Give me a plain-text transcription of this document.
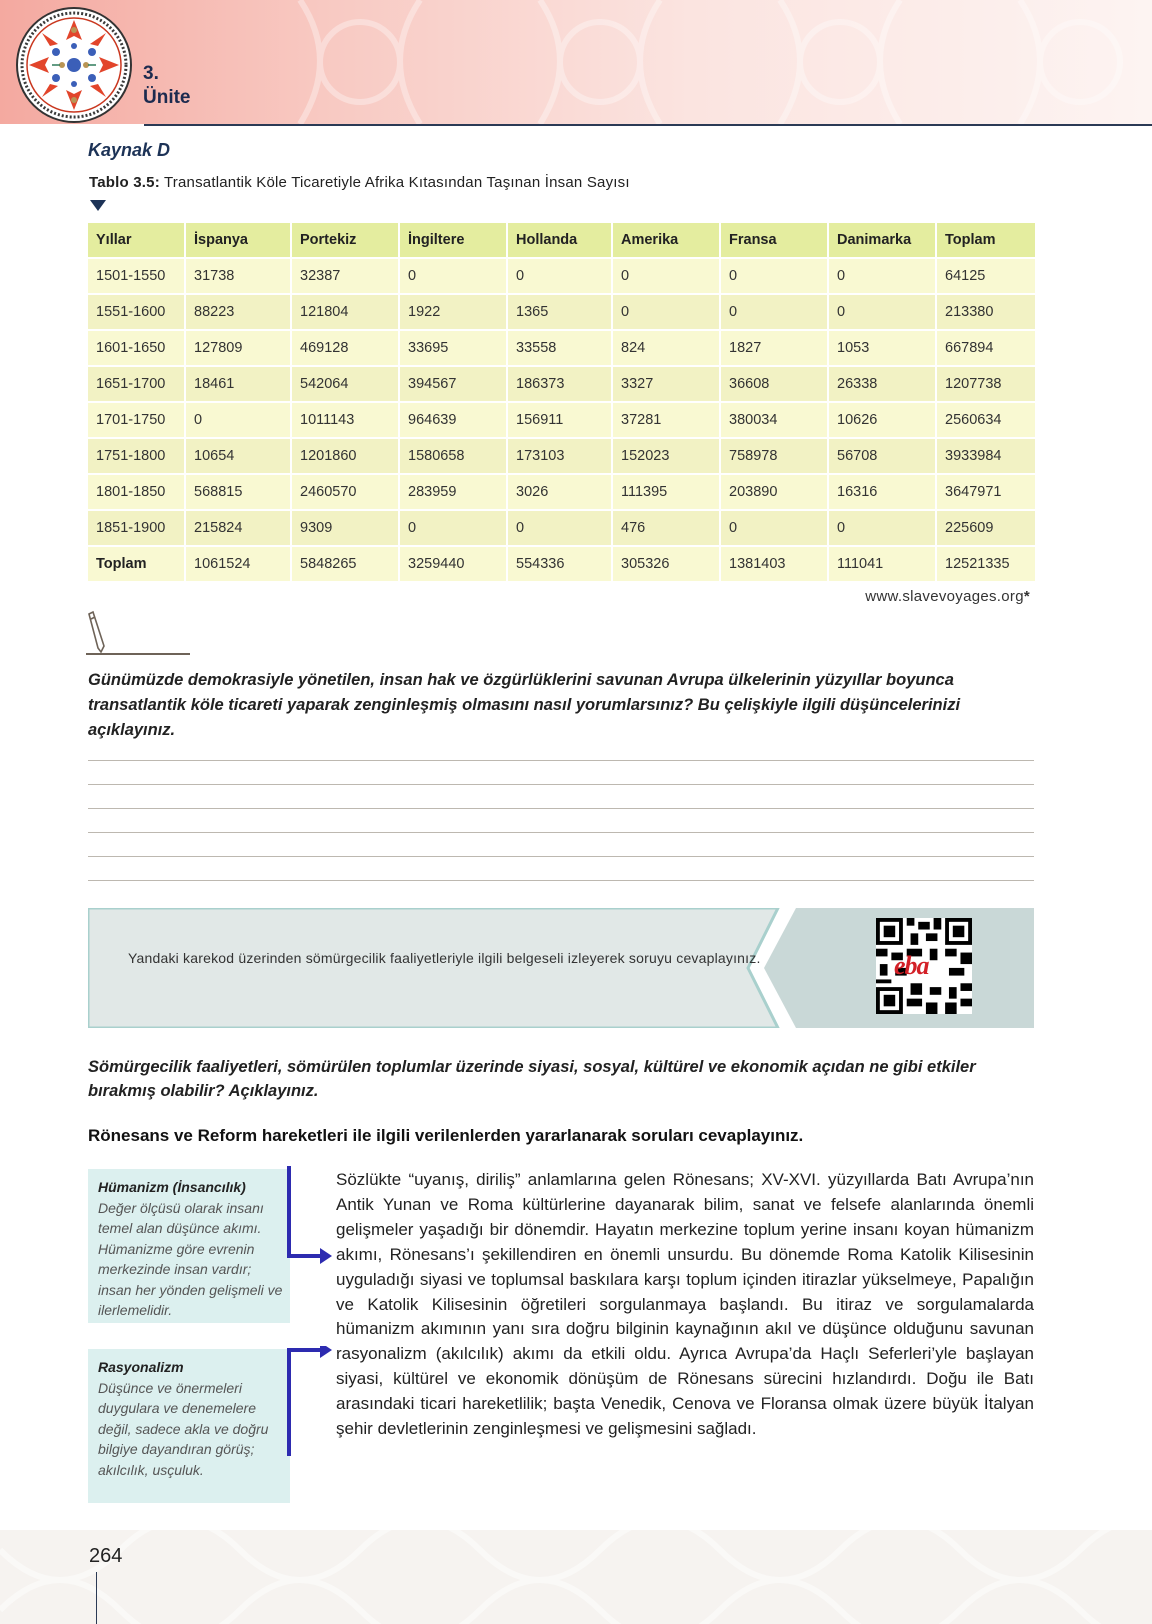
3.
Ünite
Kaynak D
Tablo 3.5: Transatlantik Köle Ticaretiyle Afrika Kıtasından Taşınan İnsan Sayısı
Yıllar	İspanya	Portekiz	İngiltere	Hollanda	Amerika	Fransa	Danimarka	Toplam
1501-1550	31738	32387	0	0	0	0	0	64125
1551-1600	88223	121804	1922	1365	0	0	0	213380
1601-1650	127809	469128	33695	33558	824	1827	1053	667894
1651-1700	18461	542064	394567	186373	3327	36608	26338	1207738
1701-1750	0	1011143	964639	156911	37281	380034	10626	2560634
1751-1800	10654	1201860	1580658	173103	152023	758978	56708	3933984
1801-1850	568815	2460570	283959	3026	111395	203890	16316	3647971
1851-1900	215824	9309	0	0	476	0	0	225609
Toplam	1061524	5848265	3259440	554336	305326	1381403	111041	12521335
www.slavevoyages.org*
Günümüzde demokrasiyle yönetilen, insan hak ve özgürlüklerini savunan Avrupa ülkelerinin yüzyıllar boyunca transatlantik köle ticareti yaparak zenginleşmiş olmasını nasıl yorumlarsınız? Bu çelişkiyle ilgili düşüncelerinizi açıklayınız.
Yandaki karekod üzerinden sömürgecilik faaliyetleriyle ilgili belgeseli izleyerek soruyu cevaplayınız.	eba
Sömürgecilik faaliyetleri, sömürülen toplumlar üzerinde siyasi, sosyal, kültürel ve ekonomik açıdan ne gibi etkiler bırakmış olabilir? Açıklayınız.
Rönesans ve Reform hareketleri ile ilgili verilenlerden yararlanarak soruları cevaplayınız.
Hümanizm (İnsancılık)
Değer ölçüsü olarak insanı temel alan düşünce akımı. Hümanizme göre evrenin merkezinde insan vardır; insan her yönden gelişmeli ve ilerlemelidir.
Rasyonalizm
Düşünce ve önermeleri duygulara ve denemelere değil, sadece akla ve doğru bilgiye dayandıran görüş; akılcılık, usçuluk.
Sözlükte “uyanış, diriliş” anlamlarına gelen Rönesans; XV-XVI. yüzyıllarda Batı Avrupa’nın Antik Yunan ve Roma kültürlerine dayanarak bilim, sanat ve felsefe alanlarında önemli gelişmeler yaşadığı bir dönemdir. Hayatın merkezine toplum yerine insanı koyan hümanizm akımı, Rönesans’ı şekillendiren en önemli unsurdu. Bu dönemde Roma Katolik Kilisesinin uyguladığı siyasi ve toplumsal baskılara karşı toplum içinden itirazlar yükselmeye, Papalığın ve Katolik Kilisesinin öğretileri sorgulanmaya başlandı. Bu itiraz ve sorgulamalarda hümanizm akımının yanı sıra doğru bilginin kaynağının akıl ve düşünce olduğunu savunan rasyonalizm (akılcılık) akımı da etkili oldu. Ayrıca Avrupa’da Haçlı Seferleri’yle başlayan siyasi, kültürel ve ekonomik dönüşüm de Rönesans sürecini hızlandırdı. Doğu ile Batı arasındaki ticari hareketlilik; başta Venedik, Cenova ve Floransa olmak üzere büyük İtalyan şehir devletlerinin zenginleşmesi ve gelişmesini sağladı.
264
